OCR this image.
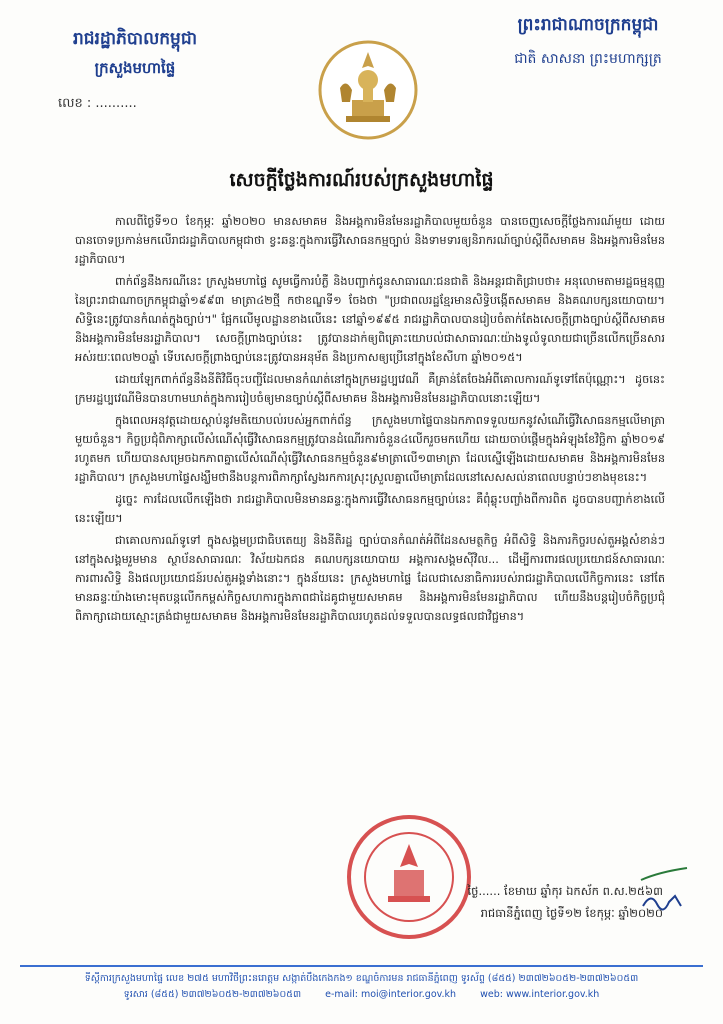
រាជរដ្ឋាភិបាលកម្ពុជា
ក្រសួងមហាផ្ទៃ
លេខ : ..........
ព្រះរាជាណាចក្រកម្ពុជា
ជាតិ សាសនា ព្រះមហាក្សត្រ
សេចក្តីថ្លែងការណ៍របស់ក្រសួងមហាផ្ទៃ

កាលពីថ្ងៃទី១០ ខែកុម្ភៈ ឆ្នាំ២០២០ មានសមាគម និងអង្គការមិនមែនរដ្ឋាភិបាលមួយចំនួន បានចេញសេចក្តីថ្លែងការណ៍មួយ ដោយបានចោទប្រកាន់មកលើរាជរដ្ឋាភិបាលកម្ពុជាថា ខ្វះឆន្ទៈក្នុងការធ្វើវិសោធនកម្មច្បាប់ និងទាមទារឲ្យនិរាករណ៍ច្បាប់ស្តីពីសមាគម និងអង្គការមិនមែនរដ្ឋាភិបាល។

ពាក់ព័ន្ធនឹងករណីនេះ ក្រសួងមហាផ្ទៃ សូមធ្វើការបំភ្លឺ និងបញ្ជាក់ជូនសាធារណៈជនជាតិ និងអន្តរជាតិជ្រាបថា៖ អនុលោមតាមរដ្ឋធម្មនុញ្ញ នៃព្រះរាជាណាចក្រកម្ពុជាឆ្នាំ១៩៩៣ មាត្រា៤២ថ្មី កថាខណ្ឌទី១ ចែងថា "ប្រជាពលរដ្ឋខ្មែរមានសិទ្ធិបង្កើតសមាគម និងគណបក្សនយោបាយ។ សិទ្ធិនេះត្រូវបានកំណត់ក្នុងច្បាប់។" ផ្អែកលើមូលដ្ឋានខាងលើនេះ នៅឆ្នាំ១៩៩៥ រាជរដ្ឋាភិបាលបានរៀបចំតាក់តែងសេចក្តីព្រាងច្បាប់ស្តីពីសមាគម និងអង្គការមិនមែនរដ្ឋាភិបាល។ សេចក្តីព្រាងច្បាប់នេះ ត្រូវបានដាក់ឲ្យពិគ្រោះយោបល់ជាសាធារណៈយ៉ាងទូលំទូលាយជាច្រើនលើកច្រើនសារ អស់រយៈពេល២០ឆ្នាំ ទើបសេចក្តីព្រាងច្បាប់នេះត្រូវបានអនុម័ត និងប្រកាសឲ្យប្រើនៅក្នុងខែសីហា ឆ្នាំ២០១៥។

ដោយឡែកពាក់ព័ន្ធនឹងនីតិវិធីចុះបញ្ជីដែលមានកំណត់នៅក្នុងក្រមរដ្ឋប្បវេណី គឺគ្រាន់តែចែងអំពីគោលការណ៍ទូទៅតែប៉ុណ្ណោះ។ ដូចនេះ ក្រមរដ្ឋប្បវេណីមិនបានហាមឃាត់ក្នុងការរៀបចំឲ្យមានច្បាប់ស្តីពីសមាគម និងអង្គការមិនមែនរដ្ឋាភិបាលនោះឡើយ។

ក្នុងពេលអនុវត្តដោយស្តាប់នូវមតិយោបល់របស់អ្នកពាក់ព័ន្ធ ក្រសួងមហាផ្ទៃបានឯកភាពទទួលយកនូវសំណើធ្វើវិសោធនកម្មលើមាត្រាមួយចំនួន។ កិច្ចប្រជុំពិភាក្សាលើសំណើសុំធ្វើវិសោធនកម្មត្រូវបានដំណើរការចំនួន៤លើករួចមកហើយ ដោយចាប់ផ្តើមក្នុងអំឡុងខែវិច្ឆិកា ឆ្នាំ២០១៩ រហូតមក ហើយបានសម្រេចឯកភាពគ្នាលើសំណើសុំធ្វើវិសោធនកម្មចំនួន៩មាត្រាលើ១៣មាត្រា ដែលស្នើឡើងដោយសមាគម និងអង្គការមិនមែនរដ្ឋាភិបាល។ ក្រសួងមហាផ្ទៃសង្ឃឹមថានឹងបន្តការពិភាក្សាស្វែងរកការស្រុះស្រួលគ្នាលើមាត្រាដែលនៅសេសសល់នាពេលបន្ទាប់ៗខាងមុខនេះ។

ដូច្នេះ ការដែលលើកឡើងថា រាជរដ្ឋាភិបាលមិនមានឆន្ទៈក្នុងការធ្វើវិសោធនកម្មច្បាប់នេះ គឺពុំឆ្លុះបញ្ចាំងពីការពិត ដូចបានបញ្ជាក់ខាងលើនេះឡើយ។

ជាគោលការណ៍ទូទៅ ក្នុងសង្គមប្រជាធិបតេយ្យ និងនីតិរដ្ឋ ច្បាប់បានកំណត់អំពីដែនសមត្ថកិច្ច អំពីសិទ្ធិ និងភារកិច្ចរបស់តួអង្គសំខាន់ៗនៅក្នុងសង្គមរួមមាន ស្ថាប័នសាធារណៈ វិស័យឯកជន គណបក្សនយោបាយ អង្គការសង្គមស៊ីវិល... ដើម្បីការពារផលប្រយោជន៍សាធារណៈ ការពារសិទ្ធិ និងផលប្រយោជន៍របស់តួអង្គទាំងនោះ។ ក្នុងន័យនេះ ក្រសួងមហាផ្ទៃ ដែលជាសេនាធិការរបស់រាជរដ្ឋាភិបាលលើកិច្ចការនេះ នៅតែមានឆន្ទៈយ៉ាងមោះមុតបន្តលើកកម្ពស់កិច្ចសហការក្នុងភាពជាដៃគូជាមួយសមាគម និងអង្គការមិនមែនរដ្ឋាភិបាល ហើយនឹងបន្តរៀបចំកិច្ចប្រជុំពិភាក្សាដោយស្មោះត្រង់ជាមួយសមាគម និងអង្គការមិនមែនរដ្ឋាភិបាលរហូតដល់ទទួលបានលទ្ធផលជាវិជ្ជមាន។

ថ្ងៃ...... ខែមាឃ ឆ្នាំកុរ ឯកស័ក ព.ស.២៥៦៣
រាជធានីភ្នំពេញ ថ្ងៃទី១២ ខែកុម្ភៈ ឆ្នាំ២០២០
ទីស្តីការក្រសួងមហាផ្ទៃ លេខ ២៧៥ មហាវិថីព្រះនរោត្តម សង្កាត់បឹងកេងកង១ ខណ្ឌចំការមន រាជធានីភ្នំពេញ ទូរស័ព្ទ (៨៥៥) ២៣៧២៦០៥២-២៣៧២៦០៥៣
ទូរសារ (៨៥៥) ២៣៧២៦០៥២-២៣៧២៦០៥៣	e-mail: moi@interior.gov.kh	web: www.interior.gov.kh
